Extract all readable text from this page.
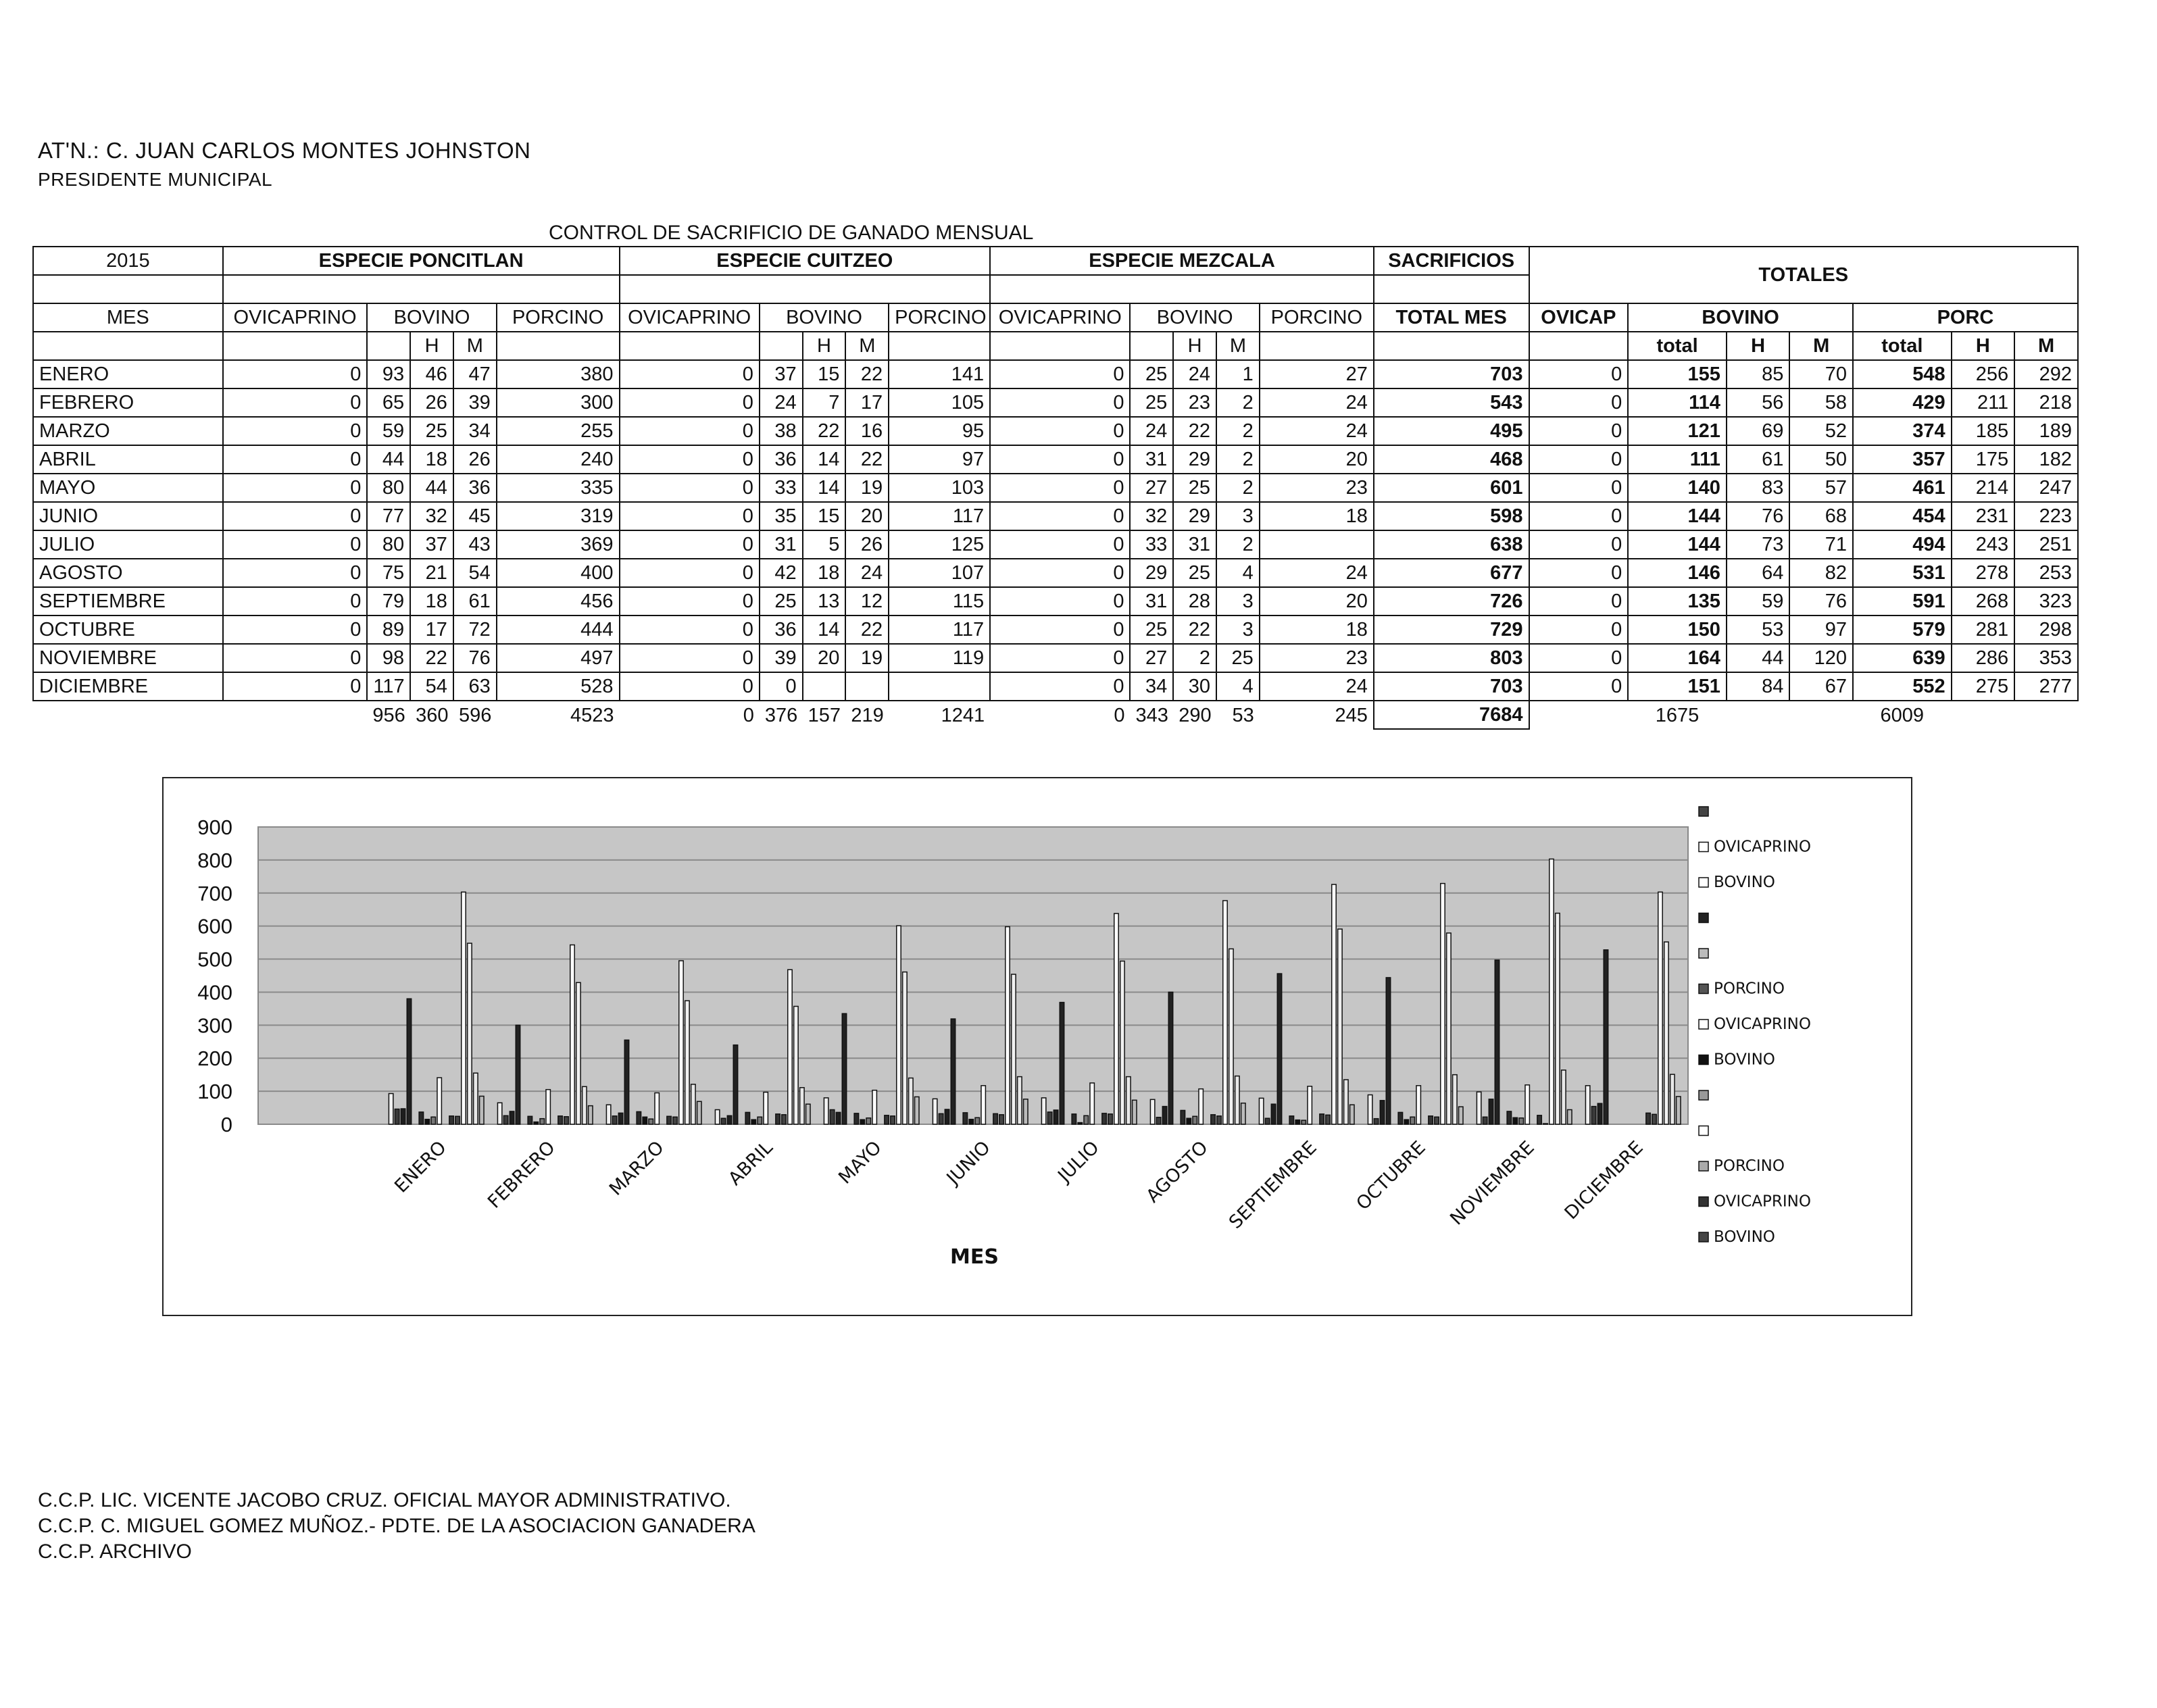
AT'N.: C. JUAN CARLOS MONTES JOHNSTON
PRESIDENTE MUNICIPAL
CONTROL DE SACRIFICIO DE GANADO MENSUAL
2015	ESPECIE PONCITLAN					ESPECIE CUITZEO					ESPECIE MEZCALA					SACRIFICIOS	TOTALES						

MES	OVICAPRINO	BOVINO			PORCINO	OVICAPRINO	BOVINO			PORCINO	OVICAPRINO	BOVINO			PORCINO	TOTAL MES	OVICAP	BOVINO			PORC		
			H	M				H	M				H	M				total	H	M	total	H	M
ENERO	0	93	46	47	380	0	37	15	22	141	0	25	24	1	27	703	0	155	85	70	548	256	292
FEBRERO	0	65	26	39	300	0	24	7	17	105	0	25	23	2	24	543	0	114	56	58	429	211	218
MARZO	0	59	25	34	255	0	38	22	16	95	0	24	22	2	24	495	0	121	69	52	374	185	189
ABRIL	0	44	18	26	240	0	36	14	22	97	0	31	29	2	20	468	0	111	61	50	357	175	182
MAYO	0	80	44	36	335	0	33	14	19	103	0	27	25	2	23	601	0	140	83	57	461	214	247
JUNIO	0	77	32	45	319	0	35	15	20	117	0	32	29	3	18	598	0	144	76	68	454	231	223
JULIO	0	80	37	43	369	0	31	5	26	125	0	33	31	2		638	0	144	73	71	494	243	251
AGOSTO	0	75	21	54	400	0	42	18	24	107	0	29	25	4	24	677	0	146	64	82	531	278	253
SEPTIEMBRE	0	79	18	61	456	0	25	13	12	115	0	31	28	3	20	726	0	135	59	76	591	268	323
OCTUBRE	0	89	17	72	444	0	36	14	22	117	0	25	22	3	18	729	0	150	53	97	579	281	298
NOVIEMBRE	0	98	22	76	497	0	39	20	19	119	0	27	2	25	23	803	0	164	44	120	639	286	353
DICIEMBRE	0	117	54	63	528	0	0				0	34	30	4	24	703	0	151	84	67	552	275	277
		956	360	596	4523	0	376	157	219	1241	0	343	290	53	245	7684		1675			6009		
0
100
200
300
400
500
600
700
800
900
ENERO FEBRERO	MARZO	ABRIL	MAYO	JUNIO	JULIO AGOSTO SEPTIEMBRE OCTUBRE NOVIEMBRE DICIEMBRE
MES
OVICAPRINO
BOVINO
PORCINO
OVICAPRINO
BOVINO
PORCINO
OVICAPRINO
BOVINO
C.C.P. LIC. VICENTE JACOBO CRUZ. OFICIAL MAYOR ADMINISTRATIVO.
C.C.P. C. MIGUEL GOMEZ MUÑOZ.- PDTE. DE LA ASOCIACION GANADERA
C.C.P. ARCHIVO
